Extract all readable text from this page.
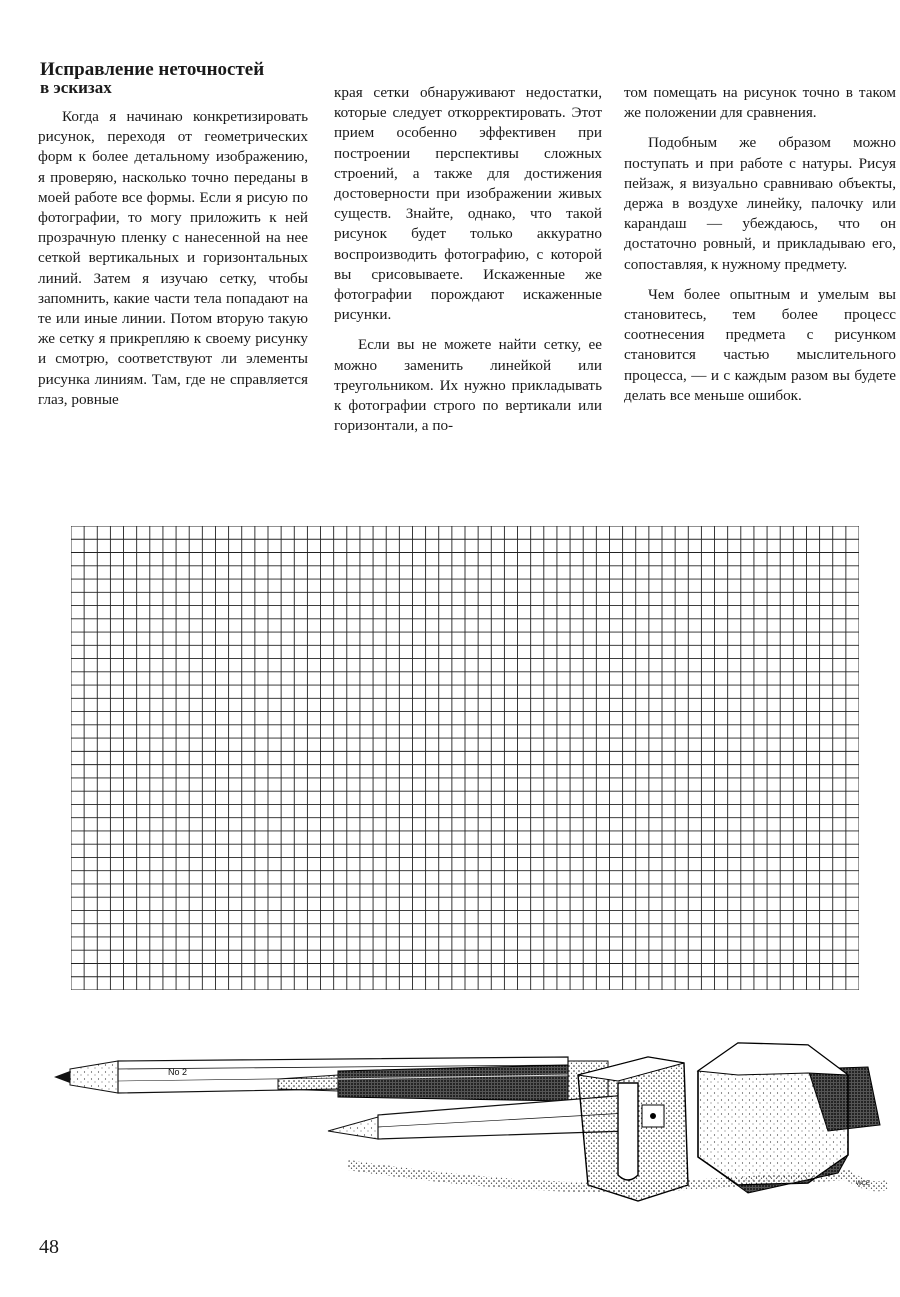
Исправление неточностей
в эскизах

Когда я начинаю конкретизировать рисунок, переходя от геометрических форм к более детальному изображению, я проверяю, насколько точно переданы в моей работе все формы. Если я рисую по фотографии, то могу приложить к ней прозрачную пленку с нанесенной на нее сеткой вертикальных и горизонтальных линий. Затем я изучаю сетку, чтобы запомнить, какие части тела попадают на те или иные линии. Потом вторую такую же сетку я прикрепляю к своему рисунку и смотрю, соответствуют ли элементы рисунка линиям. Там, где не справляется глаз, ровные

края сетки обнаруживают недостатки, которые следует откорректировать. Этот прием особенно эффективен при построении перспективы сложных строений, а также для достижения достоверности при изображении живых существ. Знайте, однако, что такой рисунок будет только аккуратно воспроизводить фотографию, с которой вы срисовываете. Искаженные же фотографии порождают искаженные рисунки.

Если вы не можете найти сетку, ее можно заменить линейкой или треугольником. Их нужно прикладывать к фотографии строго по вертикали или горизонтали, а по-

том помещать на рисунок точно в таком же положении для сравнения.

Подобным же образом можно поступать и при работе с натуры. Рисуя пейзаж, я визуально сравниваю объекты, держа в воздухе линейку, палочку или карандаш — убеждаюсь, что он достаточно ровный, и прикладываю его, сопоставляя, к нужному предмету.

Чем более опытным и умелым вы становитесь, тем более процесс соотнесения предмета с рисунком становится частью мыслительного процесса, — и с каждым разом вы будете делать все меньше ошибок.

No 2
WCE
48
